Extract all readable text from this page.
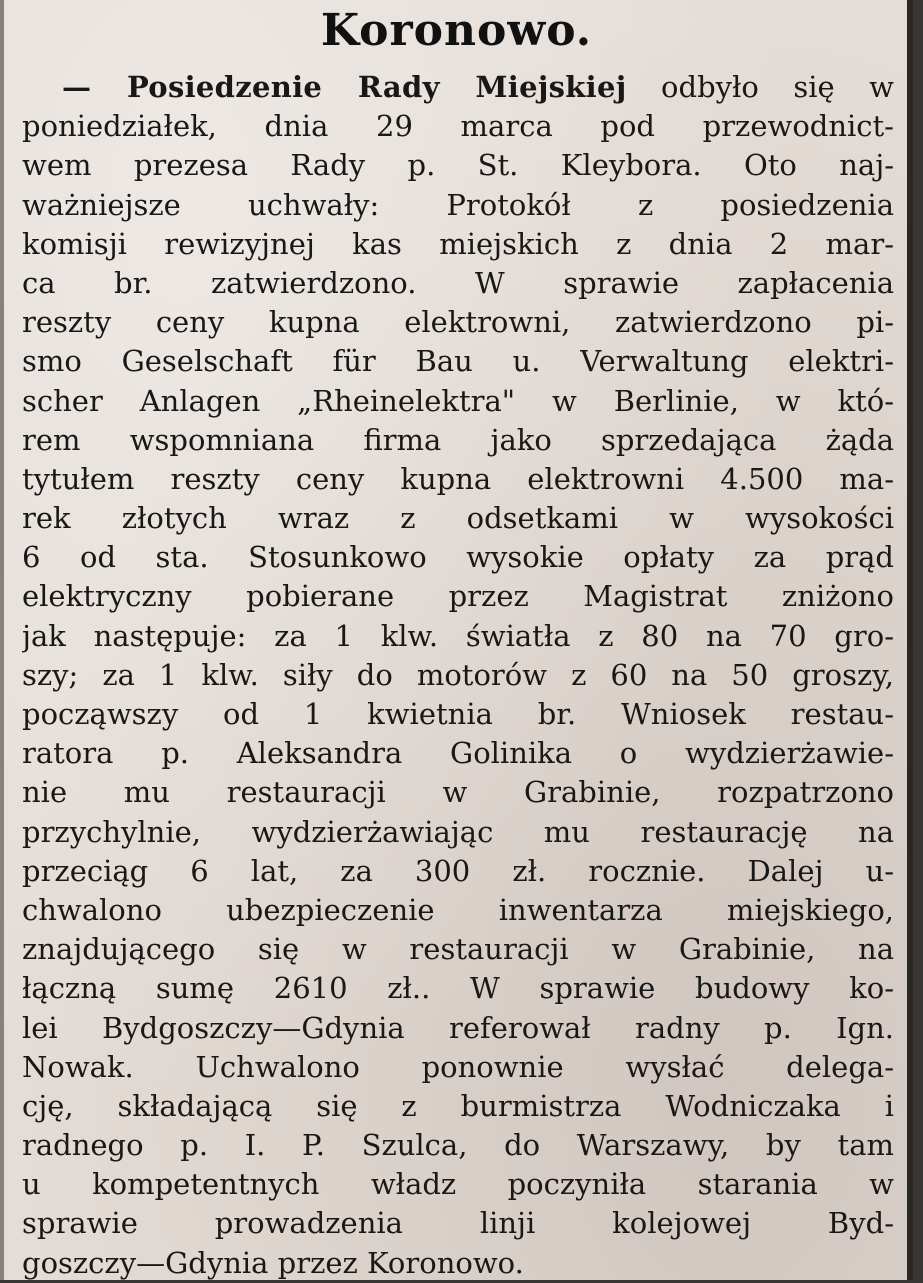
Koronowo.
— Posiedzenie Rady Miejskiej odbyło się w
poniedziałek, dnia 29 marca pod przewodnict-
wem prezesa Rady p. St. Kleybora. Oto naj-
ważniejsze uchwały: Protokół z posiedzenia
komisji rewizyjnej kas miejskich z dnia 2 mar-
ca br. zatwierdzono. W sprawie zapłacenia
reszty ceny kupna elektrowni, zatwierdzono pi-
smo Geselschaft für Bau u. Verwaltung elektri-
scher Anlagen „Rheinelektra" w Berlinie, w któ-
rem wspomniana firma jako sprzedająca żąda
tytułem reszty ceny kupna elektrowni 4.500 ma-
rek złotych wraz z odsetkami w wysokości
6 od sta. Stosunkowo wysokie opłaty za prąd
elektryczny pobierane przez Magistrat zniżono
jak następuje: za 1 klw. światła z 80 na 70 gro-
szy; za 1 klw. siły do motorów z 60 na 50 groszy,
począwszy od 1 kwietnia br. Wniosek restau-
ratora p. Aleksandra Golinika o wydzierżawie-
nie mu restauracji w Grabinie, rozpatrzono
przychylnie, wydzierżawiając mu restaurację na
przeciąg 6 lat, za 300 zł. rocznie. Dalej u-
chwalono ubezpieczenie inwentarza miejskiego,
znajdującego się w restauracji w Grabinie, na
łączną sumę 2610 zł.. W sprawie budowy ko-
lei Bydgoszczy—Gdynia referował radny p. Ign.
Nowak. Uchwalono ponownie wysłać delega-
cję, składającą się z burmistrza Wodniczaka i
radnego p. I. P. Szulca, do Warszawy, by tam
u kompetentnych władz poczyniła starania w
sprawie prowadzenia linji kolejowej Byd-
goszczy—Gdynia przez Koronowo.
